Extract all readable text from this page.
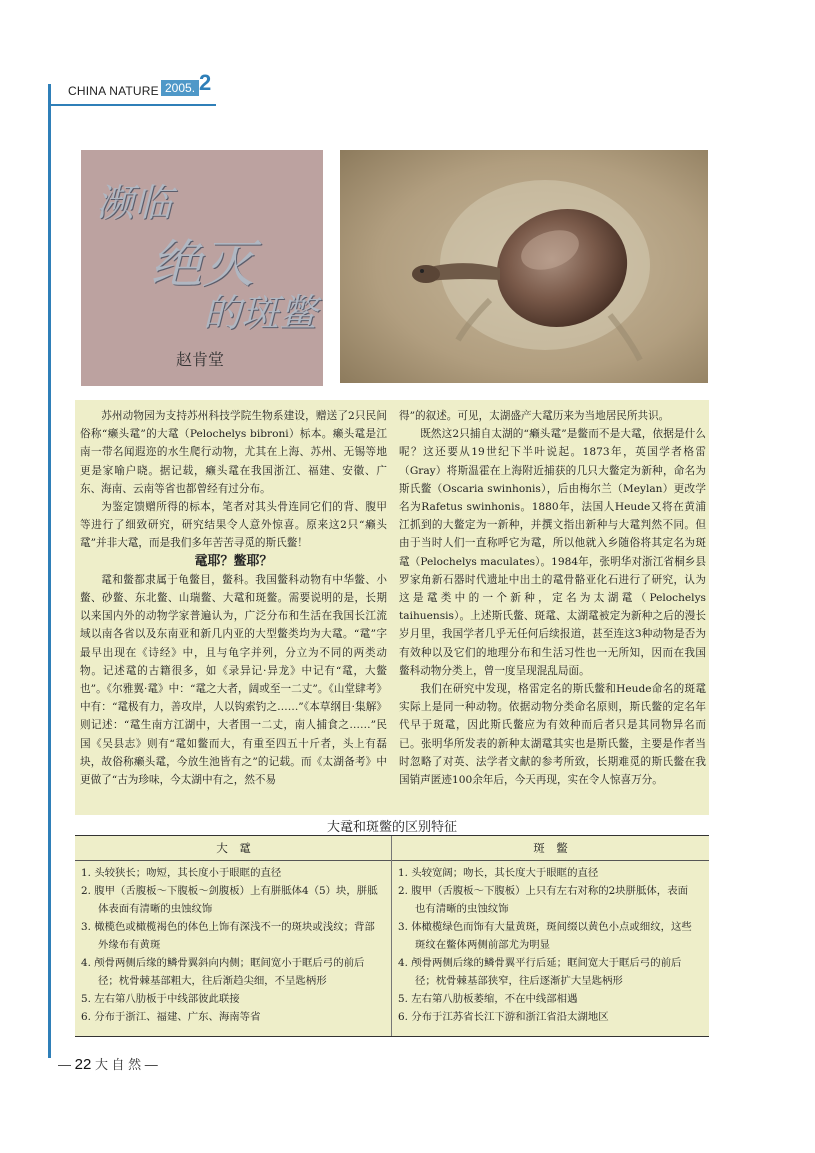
CHINA NATURE 2005. 2
濒临
绝灭
的斑鳖
赵肯堂

苏州动物园为支持苏州科技学院生物系建设，赠送了2只民间俗称“癞头鼋”的大鼋（Pelochelys bibroni）标本。癞头鼋是江南一带名闻遐迩的水生爬行动物，尤其在上海、苏州、无锡等地更是家喻户晓。据记载，癞头鼋在我国浙江、福建、安徽、广东、海南、云南等省也都曾经有过分布。

为鉴定馈赠所得的标本，笔者对其头骨连同它们的背、腹甲等进行了细致研究，研究结果令人意外惊喜。原来这2只“癞头鼋”并非大鼋，而是我们多年苦苦寻觅的斯氏鳖！

鼋耶？鳖耶？

鼋和鳖都隶属于龟鳖目，鳖科。我国鳖科动物有中华鳖、小鳖、砂鳖、东北鳖、山瑞鳖、大鼋和斑鳖。需要说明的是，长期以来国内外的动物学家普遍认为，广泛分布和生活在我国长江流域以南各省以及东南亚和新几内亚的大型鳖类均为大鼋。“鼋”字最早出现在《诗经》中，且与龟字并列，分立为不同的两类动物。记述鼋的古籍很多，如《录异记·异龙》中记有“鼋，大鳖也”。《尔雅翼·鼋》中：“鼋之大者，阔或至一二丈”。《山堂肆考》中有：“鼋极有力，善攻岸，人以钩索钓之……”《本草纲目·集解》则记述：“鼋生南方江湖中，大者围一二丈，南人捕食之……”民国《吴县志》则有“鼋如鳖而大，有重至四五十斤者，头上有磊块，故俗称癞头鼋，今放生池皆有之”的记载。而《太湖备考》中更做了“古为珍味，今太湖中有之，然不易

得”的叙述。可见，太湖盛产大鼋历来为当地居民所共识。

既然这2只捕自太湖的“癞头鼋”是鳖而不是大鼋，依据是什么呢？这还要从19世纪下半叶说起。1873年，英国学者格雷（Gray）将斯温霍在上海附近捕获的几只大鳖定为新种，命名为斯氏鳖（Oscaria swinhonis），后由梅尔兰（Meylan）更改学名为Rafetus swinhonis。1880年，法国人Heude又将在黄浦江抓到的大鳖定为一新种，并撰文指出新种与大鼋判然不同。但由于当时人们一直称呼它为鼋，所以他就入乡随俗将其定名为斑鼋（Pelochelys maculates）。1984年，张明华对浙江省桐乡县罗家角新石器时代遗址中出土的鼋骨骼亚化石进行了研究，认为这是鼋类中的一个新种，定名为太湖鼋（Pelochelys taihuensis）。上述斯氏鳖、斑鼋、太湖鼋被定为新种之后的漫长岁月里，我国学者几乎无任何后续报道，甚至连这3种动物是否为有效种以及它们的地理分布和生活习性也一无所知，因而在我国鳖科动物分类上，曾一度呈现混乱局面。

我们在研究中发现，格雷定名的斯氏鳖和Heude命名的斑鼋实际上是同一种动物。依据动物分类命名原则，斯氏鳖的定名年代早于斑鼋，因此斯氏鳖应为有效种而后者只是其同物异名而已。张明华所发表的新种太湖鼋其实也是斯氏鳖，主要是作者当时忽略了对英、法学者文献的参考所致，长期难觅的斯氏鳖在我国销声匿迹100余年后，今天再现，实在令人惊喜万分。

大鼋和斑鳖的区别特征
大　鼋	斑　鳖
1. 头较狭长；吻短，其长度小于眼眶的直径
2. 腹甲（舌腹板～下腹板～剑腹板）上有胼胝体4（5）块，胼胝体表面有清晰的虫蚀纹饰
3. 橄榄色或橄榄褐色的体色上饰有深浅不一的斑块或浅纹；背部外缘布有黄斑
4. 颅骨两侧后缘的鳞骨翼斜向内侧；眶间宽小于眶后弓的前后径；枕骨棘基部粗大，往后渐趋尖细，不呈匙柄形
5. 左右第八肋板于中线部彼此联接
6. 分布于浙江、福建、广东、海南等省
1. 头较宽阔；吻长，其长度大于眼眶的直径
2. 腹甲（舌腹板～下腹板）上只有左右对称的2块胼胝体，表面也有清晰的虫蚀纹饰
3. 体橄榄绿色而饰有大量黄斑，斑间缀以黄色小点或细纹，这些斑纹在鳖体两侧前部尤为明显
4. 颅骨两侧后缘的鳞骨翼平行后延；眶间宽大于眶后弓的前后径；枕骨棘基部狭窄，往后逐渐扩大呈匙柄形
5. 左右第八肋板萎缩，不在中线部相遇
6. 分布于江苏省长江下游和浙江省沿太湖地区
— 22 大 自 然 —
